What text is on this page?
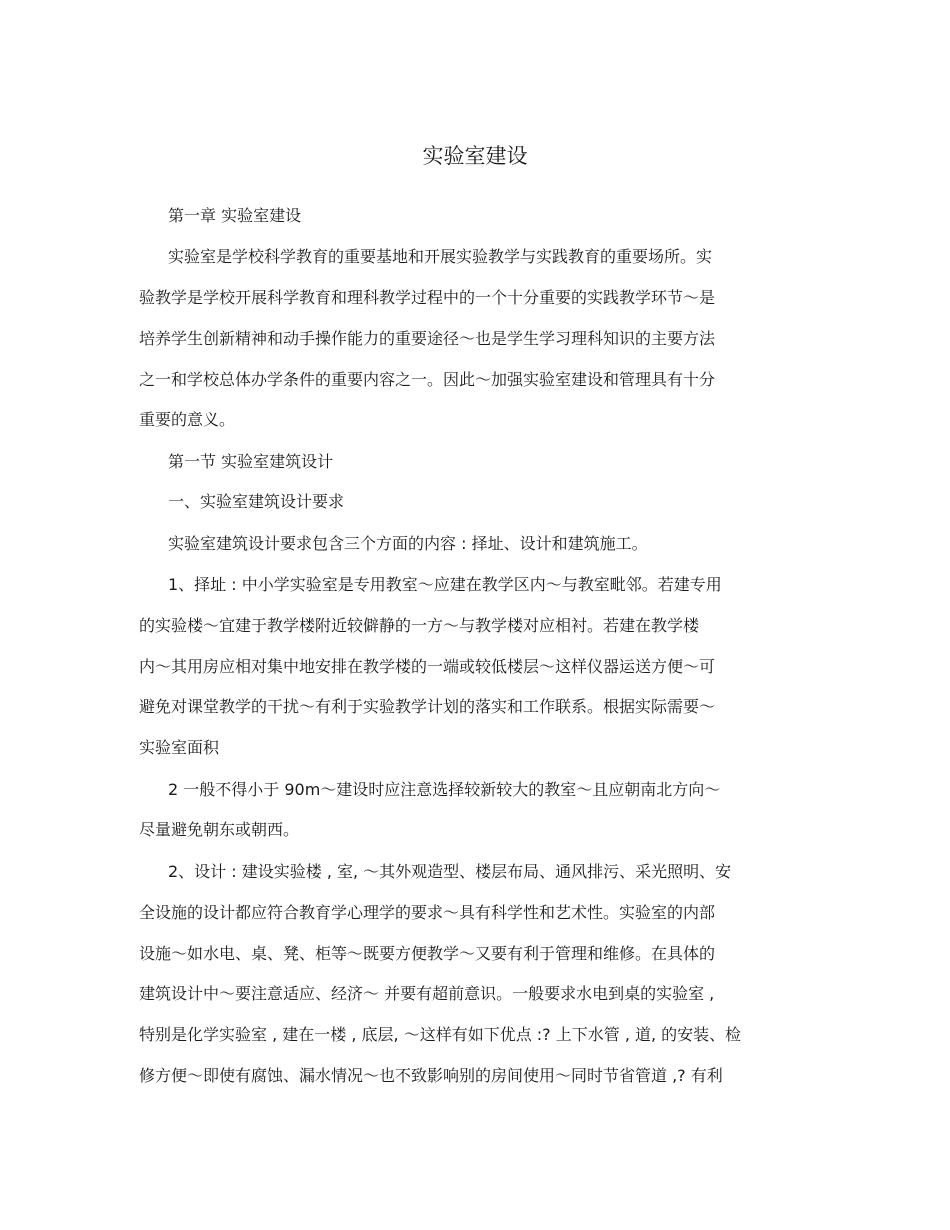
实验室建设

第一章 实验室建设

实验室是学校科学教育的重要基地和开展实验教学与实践教育的重要场所。实

验教学是学校开展科学教育和理科教学过程中的一个十分重要的实践教学环节～是

培养学生创新精神和动手操作能力的重要途径～也是学生学习理科知识的主要方法

之一和学校总体办学条件的重要内容之一。因此～加强实验室建设和管理具有十分

重要的意义。

第一节 实验室建筑设计

一、实验室建筑设计要求

实验室建筑设计要求包含三个方面的内容 : 择址、设计和建筑施工。

1、择址 : 中小学实验室是专用教室～应建在教学区内～与教室毗邻。若建专用

的实验楼～宜建于教学楼附近较僻静的一方～与教学楼对应相衬。若建在教学楼

内～其用房应相对集中地安排在教学楼的一端或较低楼层～这样仪器运送方便～可

避免对课堂教学的干扰～有利于实验教学计划的落实和工作联系。根据实际需要～

实验室面积

2 一般不得小于 90m～建设时应注意选择较新较大的教室～且应朝南北方向～

尽量避免朝东或朝西。

2、设计 : 建设实验楼 , 室, ～其外观造型、楼层布局、通风排污、采光照明、安

全设施的设计都应符合教育学心理学的要求～具有科学性和艺术性。实验室的内部

设施～如水电、桌、凳、柜等～既要方便教学～又要有利于管理和维修。在具体的

建筑设计中～要注意适应、经济～ 并要有超前意识。一般要求水电到桌的实验室 ,

特别是化学实验室 , 建在一楼 , 底层, ～这样有如下优点 :? 上下水管 , 道, 的安装、检

修方便～即使有腐蚀、漏水情况～也不致影响别的房间使用～同时节省管道 ,? 有利
